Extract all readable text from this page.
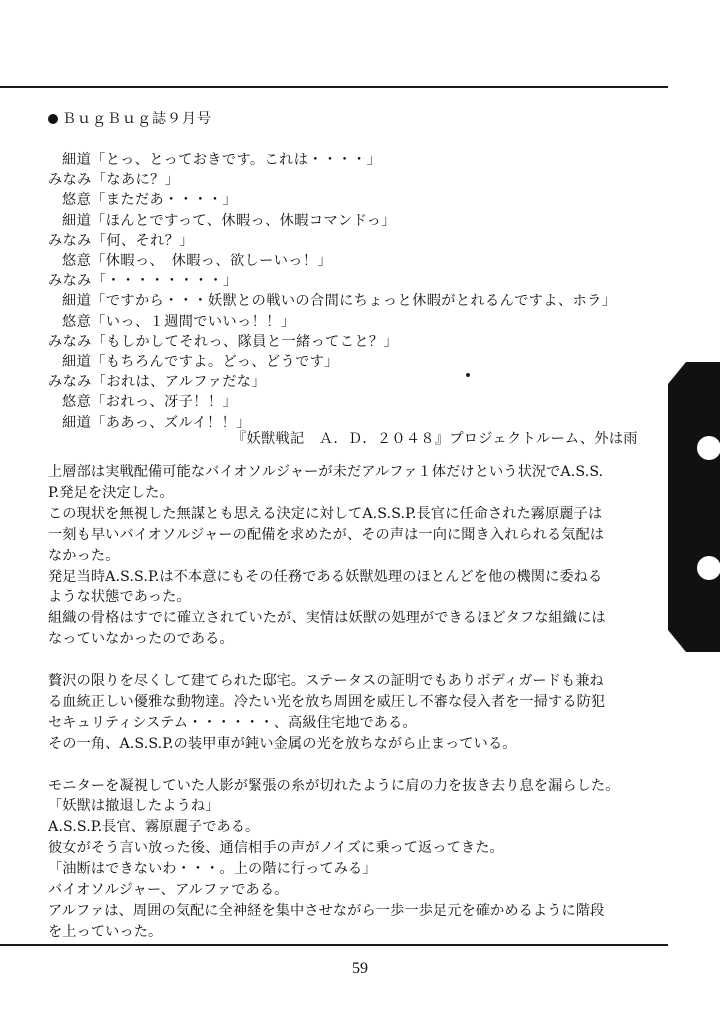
ＢｕｇＢｕｇ誌９月号
細道「とっ、とっておきです。これは・・・・」
みなみ「なあに？」
悠意「まただあ・・・・」
細道「ほんとですって、休暇っ、休暇コマンドっ」
みなみ「何、それ？」
悠意「休暇っ、　休暇っ、欲しーいっ！」
みなみ「・・・・・・・・」
細道「ですから・・・妖獣との戦いの合間にちょっと休暇がとれるんですよ、ホラ」
悠意「いっ、１週間でいいっ！！」
みなみ「もしかしてそれっ、隊員と一緒ってこと？」
細道「もちろんですよ。どっ、どうです」
みなみ「おれは、アルファだな」
悠意「おれっ、冴子！！」
細道「ああっ、ズルイ！！」
『妖獣戦記　Ａ．Ｄ．２０４８』プロジェクトルーム、外は雨
上層部は実戦配備可能なバイオソルジャーが未だアルファ１体だけという状況でA.S.S.
P.発足を決定した。
この現状を無視した無謀とも思える決定に対してA.S.S.P.長官に任命された霧原麗子は
一刻も早いバイオソルジャーの配備を求めたが、その声は一向に聞き入れられる気配は
なかった。
発足当時A.S.S.P.は不本意にもその任務である妖獣処理のほとんどを他の機関に委ねる
ような状態であった。
組織の骨格はすでに確立されていたが、実情は妖獣の処理ができるほどタフな組織には
なっていなかったのである。
贅沢の限りを尽くして建てられた邸宅。ステータスの証明でもありボディガードも兼ね
る血統正しい優雅な動物達。冷たい光を放ち周囲を威圧し不審な侵入者を一掃する防犯
セキュリティシステム・・・・・・、高級住宅地である。
その一角、A.S.S.P.の装甲車が鈍い金属の光を放ちながら止まっている。
モニターを凝視していた人影が緊張の糸が切れたように肩の力を抜き去り息を漏らした。
「妖獣は撤退したようね」
A.S.S.P.長官、霧原麗子である。
彼女がそう言い放った後、通信相手の声がノイズに乗って返ってきた。
「油断はできないわ・・・。上の階に行ってみる」
バイオソルジャー、アルファである。
アルファは、周囲の気配に全神経を集中させながら一歩一歩足元を確かめるように階段
を上っていった。
59
